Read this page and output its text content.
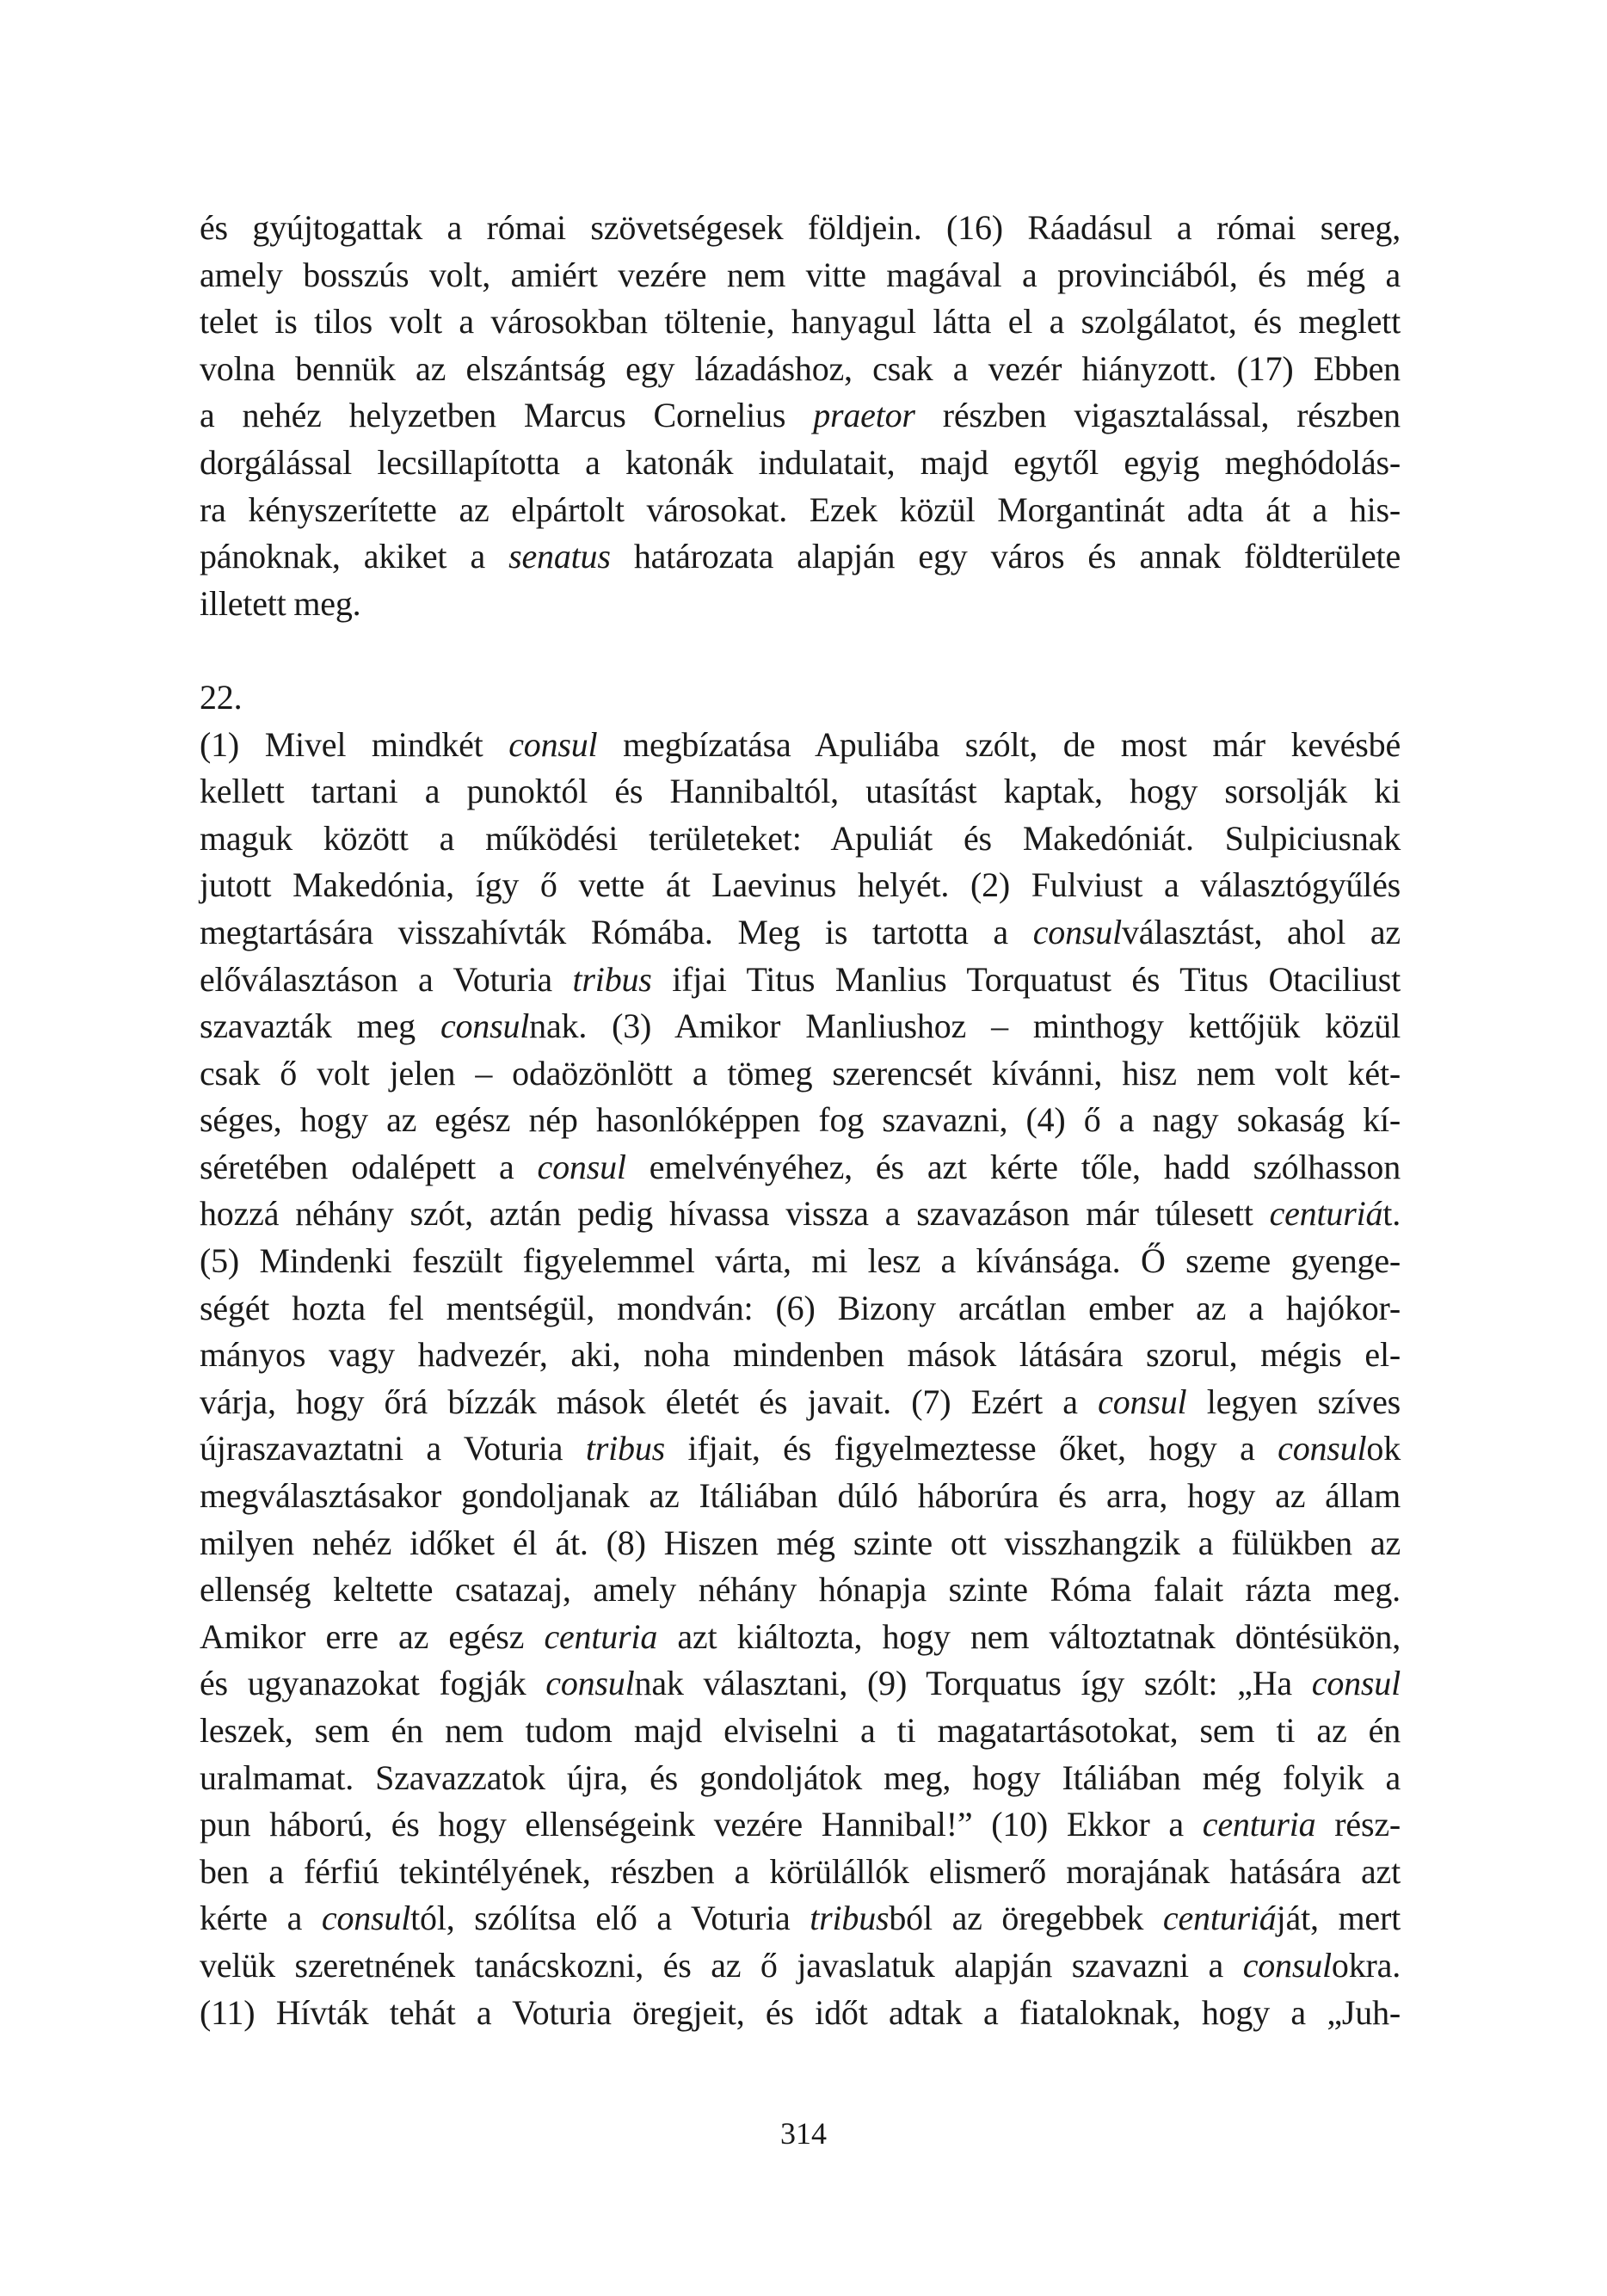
és gyújtogattak a római szövetségesek földjein. (16) Ráadásul a római sereg,
amely bosszús volt, amiért vezére nem vitte magával a provinciából, és még a
telet is tilos volt a városokban töltenie, hanyagul látta el a szolgálatot, és meglett
volna bennük az elszántság egy lázadáshoz, csak a vezér hiányzott. (17) Ebben
a nehéz helyzetben Marcus Cornelius praetor részben vigasztalással, részben
dorgálással lecsillapította a katonák indulatait, majd egytől egyig meghódolás-
ra kényszerítette az elpártolt városokat. Ezek közül Morgantinát adta át a his-
pánoknak, akiket a senatus határozata alapján egy város és annak földterülete
illetett meg.
22.
(1) Mivel mindkét consul megbízatása Apuliába szólt, de most már kevésbé
kellett tartani a punoktól és Hannibaltól, utasítást kaptak, hogy sorsolják ki
maguk között a működési területeket: Apuliát és Makedóniát. Sulpiciusnak
jutott Makedónia, így ő vette át Laevinus helyét. (2) Fulviust a választógyűlés
megtartására visszahívták Rómába. Meg is tartotta a consulválasztást, ahol az
előválasztáson a Voturia tribus ifjai Titus Manlius Torquatust és Titus Otaciliust
szavazták meg consulnak. (3) Amikor Manliushoz – minthogy kettőjük közül
csak ő volt jelen – odaözönlött a tömeg szerencsét kívánni, hisz nem volt két-
séges, hogy az egész nép hasonlóképpen fog szavazni, (4) ő a nagy sokaság kí-
séretében odalépett a consul emelvényéhez, és azt kérte tőle, hadd szólhasson
hozzá néhány szót, aztán pedig hívassa vissza a szavazáson már túlesett centuriát.
(5) Mindenki feszült figyelemmel várta, mi lesz a kívánsága. Ő szeme gyenge-
ségét hozta fel mentségül, mondván: (6) Bizony arcátlan ember az a hajókor-
mányos vagy hadvezér, aki, noha mindenben mások látására szorul, mégis el-
várja, hogy őrá bízzák mások életét és javait. (7) Ezért a consul legyen szíves
újraszavaztatni a Voturia tribus ifjait, és figyelmeztesse őket, hogy a consulok
megválasztásakor gondoljanak az Itáliában dúló háborúra és arra, hogy az állam
milyen nehéz időket él át. (8) Hiszen még szinte ott visszhangzik a fülükben az
ellenség keltette csatazaj, amely néhány hónapja szinte Róma falait rázta meg.
Amikor erre az egész centuria azt kiáltozta, hogy nem változtatnak döntésükön,
és ugyanazokat fogják consulnak választani, (9) Torquatus így szólt: „Ha consul
leszek, sem én nem tudom majd elviselni a ti magatartásotokat, sem ti az én
uralmamat. Szavazzatok újra, és gondoljátok meg, hogy Itáliában még folyik a
pun háború, és hogy ellenségeink vezére Hannibal!” (10) Ekkor a centuria rész-
ben a férfiú tekintélyének, részben a körülállók elismerő morajának hatására azt
kérte a consultól, szólítsa elő a Voturia tribusból az öregebbek centuriáját, mert
velük szeretnének tanácskozni, és az ő javaslatuk alapján szavazni a consulokra.
(11) Hívták tehát a Voturia öregjeit, és időt adtak a fiataloknak, hogy a „Juh-
314
